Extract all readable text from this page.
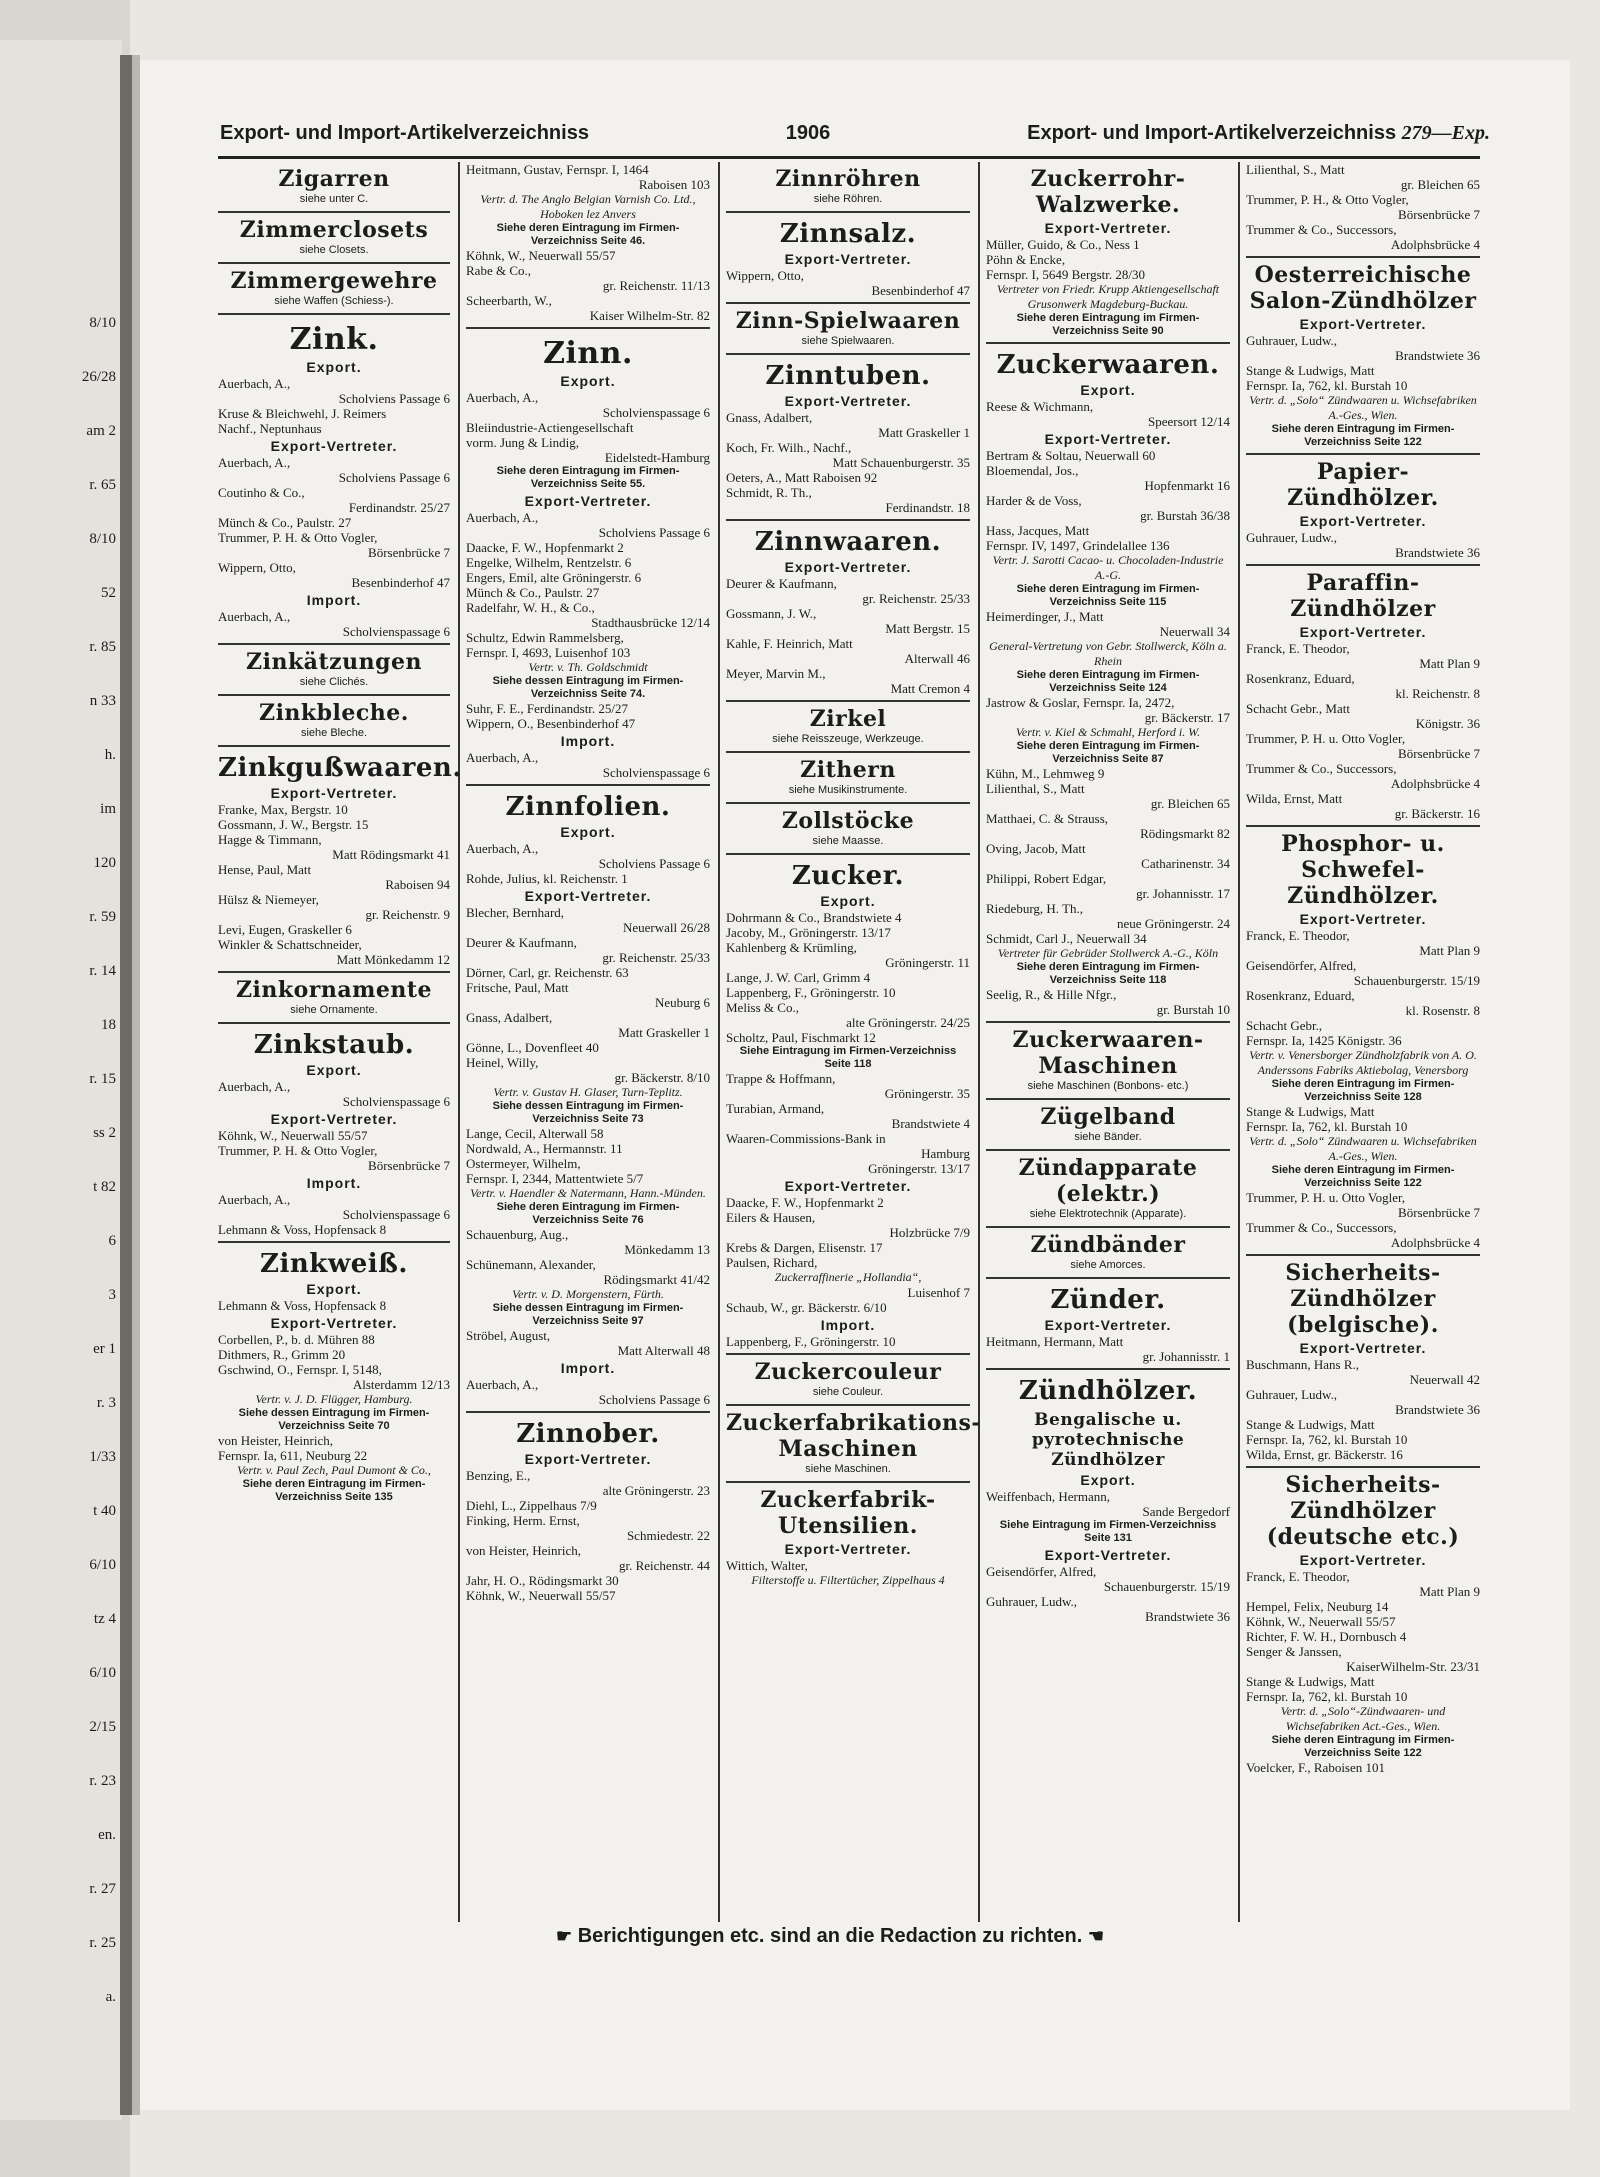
8/10
26/28
am 2
r. 65
8/10
52
r. 85
n 33
h.
im
120
r. 59
r. 14
18
r. 15
ss 2
t 82
6
3
er 1
r. 3
1/33
t 40
6/10
tz 4
6/10
2/15
r. 23
en.
r. 27
r. 25
a.
Export- und Import-Artikelverzeichniss	1906	Export- und Import-Artikelverzeichniss 279—Exp.
Zigarren
siehe unter C.
Zimmerclosets
siehe Closets.
Zimmergewehre
siehe Waffen (Schiess-).
Zink.
Export.
Auerbach, A.,
Scholviens Passage 6
Kruse & Bleichwehl, J. Reimers
Nachf., Neptunhaus
Export-Vertreter.
Auerbach, A.,
Scholviens Passage 6
Coutinho & Co.,
Ferdinandstr. 25/27
Münch & Co., Paulstr. 27
Trummer, P. H. & Otto Vogler,
Börsenbrücke 7
Wippern, Otto,
Besenbinderhof 47
Import.
Auerbach, A.,
Scholvienspassage 6
Zinkätzungen
siehe Clichés.
Zinkbleche.
siehe Bleche.
Zinkgußwaaren.
Export-Vertreter.
Franke, Max, Bergstr. 10
Gossmann, J. W., Bergstr. 15
Hagge & Timmann,
Matt Rödingsmarkt 41
Hense, Paul, Matt
Raboisen 94
Hülsz & Niemeyer,
gr. Reichenstr. 9
Levi, Eugen, Graskeller 6
Winkler & Schattschneider,
Matt Mönkedamm 12
Zinkornamente
siehe Ornamente.
Zinkstaub.
Export.
Auerbach, A.,
Scholvienspassage 6
Export-Vertreter.
Köhnk, W., Neuerwall 55/57
Trummer, P. H. & Otto Vogler,
Börsenbrücke 7
Import.
Auerbach, A.,
Scholvienspassage 6
Lehmann & Voss, Hopfensack 8
Zinkweiß.
Export.
Lehmann & Voss, Hopfensack 8
Export-Vertreter.
Corbellen, P., b. d. Mühren 88
Dithmers, R., Grimm 20
Gschwind, O., Fernspr. I, 5148,
Alsterdamm 12/13
Vertr. v. J. D. Flügger, Hamburg.
Siehe dessen Eintragung im Firmen-Verzeichniss Seite 70
von Heister, Heinrich,
Fernspr. Ia, 611, Neuburg 22
Vertr. v. Paul Zech, Paul Dumont & Co.,
Siehe deren Eintragung im Firmen-Verzeichniss Seite 135
Heitmann, Gustav, Fernspr. I, 1464
Raboisen 103
Vertr. d. The Anglo Belgian Varnish Co. Ltd., Hoboken lez Anvers
Siehe deren Eintragung im Firmen-Verzeichniss Seite 46.
Köhnk, W., Neuerwall 55/57
Rabe & Co.,
gr. Reichenstr. 11/13
Scheerbarth, W.,
Kaiser Wilhelm-Str. 82
Zinn.
Export.
Auerbach, A.,
Scholvienspassage 6
Bleiindustrie-Actiengesellschaft
vorm. Jung & Lindig,
Eidelstedt-Hamburg
Siehe deren Eintragung im Firmen-Verzeichniss Seite 55.
Export-Vertreter.
Auerbach, A.,
Scholviens Passage 6
Daacke, F. W., Hopfenmarkt 2
Engelke, Wilhelm, Rentzelstr. 6
Engers, Emil, alte Gröningerstr. 6
Münch & Co., Paulstr. 27
Radelfahr, W. H., & Co.,
Stadthausbrücke 12/14
Schultz, Edwin Rammelsberg,
Fernspr. I, 4693, Luisenhof 103
Vertr. v. Th. Goldschmidt
Siehe dessen Eintragung im Firmen-Verzeichniss Seite 74.
Suhr, F. E., Ferdinandstr. 25/27
Wippern, O., Besenbinderhof 47
Import.
Auerbach, A.,
Scholvienspassage 6
Zinnfolien.
Export.
Auerbach, A.,
Scholviens Passage 6
Rohde, Julius, kl. Reichenstr. 1
Export-Vertreter.
Blecher, Bernhard,
Neuerwall 26/28
Deurer & Kaufmann,
gr. Reichenstr. 25/33
Dörner, Carl, gr. Reichenstr. 63
Fritsche, Paul, Matt
Neuburg 6
Gnass, Adalbert,
Matt Graskeller 1
Gönne, L., Dovenfleet 40
Heinel, Willy,
gr. Bäckerstr. 8/10
Vertr. v. Gustav H. Glaser, Turn-Teplitz.
Siehe dessen Eintragung im Firmen-Verzeichniss Seite 73
Lange, Cecil, Alterwall 58
Nordwald, A., Hermannstr. 11
Ostermeyer, Wilhelm,
Fernspr. I, 2344, Mattentwiete 5/7
Vertr. v. Haendler & Natermann, Hann.-Münden.
Siehe deren Eintragung im Firmen-Verzeichniss Seite 76
Schauenburg, Aug.,
Mönkedamm 13
Schünemann, Alexander,
Rödingsmarkt 41/42
Vertr. v. D. Morgenstern, Fürth.
Siehe dessen Eintragung im Firmen-Verzeichniss Seite 97
Ströbel, August,
Matt Alterwall 48
Import.
Auerbach, A.,
Scholviens Passage 6
Zinnober.
Export-Vertreter.
Benzing, E.,
alte Gröningerstr. 23
Diehl, L., Zippelhaus 7/9
Finking, Herm. Ernst,
Schmiedestr. 22
von Heister, Heinrich,
gr. Reichenstr. 44
Jahr, H. O., Rödingsmarkt 30
Köhnk, W., Neuerwall 55/57
Zinnröhren
siehe Röhren.
Zinnsalz.
Export-Vertreter.
Wippern, Otto,
Besenbinderhof 47
Zinn-Spielwaaren
siehe Spielwaaren.
Zinntuben.
Export-Vertreter.
Gnass, Adalbert,
Matt Graskeller 1
Koch, Fr. Wilh., Nachf.,
Matt Schauenburgerstr. 35
Oeters, A., Matt Raboisen 92
Schmidt, R. Th.,
Ferdinandstr. 18
Zinnwaaren.
Export-Vertreter.
Deurer & Kaufmann,
gr. Reichenstr. 25/33
Gossmann, J. W.,
Matt Bergstr. 15
Kahle, F. Heinrich, Matt
Alterwall 46
Meyer, Marvin M.,
Matt Cremon 4
Zirkel
siehe Reisszeuge, Werkzeuge.
Zithern
siehe Musikinstrumente.
Zollstöcke
siehe Maasse.
Zucker.
Export.
Dohrmann & Co., Brandstwiete 4
Jacoby, M., Gröningerstr. 13/17
Kahlenberg & Krümling,
Gröningerstr. 11
Lange, J. W. Carl, Grimm 4
Lappenberg, F., Gröningerstr. 10
Meliss & Co.,
alte Gröningerstr. 24/25
Scholtz, Paul, Fischmarkt 12
Siehe Eintragung im Firmen-Verzeichniss Seite 118
Trappe & Hoffmann,
Gröningerstr. 35
Turabian, Armand,
Brandstwiete 4
Waaren-Commissions-Bank in
Hamburg
Gröningerstr. 13/17
Export-Vertreter.
Daacke, F. W., Hopfenmarkt 2
Eilers & Hausen,
Holzbrücke 7/9
Krebs & Dargen, Elisenstr. 17
Paulsen, Richard,
Zuckerraffinerie „Hollandia“,
Luisenhof 7
Schaub, W., gr. Bäckerstr. 6/10
Import.
Lappenberg, F., Gröningerstr. 10
Zuckercouleur
siehe Couleur.
Zuckerfabrikations-Maschinen
siehe Maschinen.
Zuckerfabrik-Utensilien.
Export-Vertreter.
Wittich, Walter,
Filterstoffe u. Filtertücher, Zippelhaus 4
Zuckerrohr-Walzwerke.
Export-Vertreter.
Müller, Guido, & Co., Ness 1
Pöhn & Encke,
Fernspr. I, 5649 Bergstr. 28/30
Vertreter von Friedr. Krupp Aktiengesellschaft Grusonwerk Magdeburg-Buckau.
Siehe deren Eintragung im Firmen-Verzeichniss Seite 90
Zuckerwaaren.
Export.
Reese & Wichmann,
Speersort 12/14
Export-Vertreter.
Bertram & Soltau, Neuerwall 60
Bloemendal, Jos.,
Hopfenmarkt 16
Harder & de Voss,
gr. Burstah 36/38
Hass, Jacques, Matt
Fernspr. IV, 1497, Grindelallee 136
Vertr. J. Sarotti Cacao- u. Chocoladen-Industrie A.-G.
Siehe deren Eintragung im Firmen-Verzeichniss Seite 115
Heimerdinger, J., Matt
Neuerwall 34
General-Vertretung von Gebr. Stollwerck, Köln a. Rhein
Siehe deren Eintragung im Firmen-Verzeichniss Seite 124
Jastrow & Goslar, Fernspr. Ia, 2472,
gr. Bäckerstr. 17
Vertr. v. Kiel & Schmahl, Herford i. W.
Siehe deren Eintragung im Firmen-Verzeichniss Seite 87
Kühn, M., Lehmweg 9
Lilienthal, S., Matt
gr. Bleichen 65
Matthaei, C. & Strauss,
Rödingsmarkt 82
Oving, Jacob, Matt
Catharinenstr. 34
Philippi, Robert Edgar,
gr. Johannisstr. 17
Riedeburg, H. Th.,
neue Gröningerstr. 24
Schmidt, Carl J., Neuerwall 34
Vertreter für Gebrüder Stollwerck A.-G., Köln
Siehe deren Eintragung im Firmen-Verzeichniss Seite 118
Seelig, R., & Hille Nfgr.,
gr. Burstah 10
Zuckerwaaren-Maschinen
siehe Maschinen (Bonbons- etc.)
Zügelband
siehe Bänder.
Zündapparate (elektr.)
siehe Elektrotechnik (Apparate).
Zündbänder
siehe Amorces.
Zünder.
Export-Vertreter.
Heitmann, Hermann, Matt
gr. Johannisstr. 1
Zündhölzer.
Bengalische u. pyrotechnische Zündhölzer
Export.
Weiffenbach, Hermann,
Sande Bergedorf
Siehe Eintragung im Firmen-Verzeichniss Seite 131
Export-Vertreter.
Geisendörfer, Alfred,
Schauenburgerstr. 15/19
Guhrauer, Ludw.,
Brandstwiete 36
Lilienthal, S., Matt
gr. Bleichen 65
Trummer, P. H., & Otto Vogler,
Börsenbrücke 7
Trummer & Co., Successors,
Adolphsbrücke 4
Oesterreichische Salon-Zündhölzer
Export-Vertreter.
Guhrauer, Ludw.,
Brandstwiete 36
Stange & Ludwigs, Matt
Fernspr. Ia, 762, kl. Burstah 10
Vertr. d. „Solo“ Zündwaaren u. Wichsefabriken A.-Ges., Wien.
Siehe deren Eintragung im Firmen-Verzeichniss Seite 122
Papier-Zündhölzer.
Export-Vertreter.
Guhrauer, Ludw.,
Brandstwiete 36
Paraffin-Zündhölzer
Export-Vertreter.
Franck, E. Theodor,
Matt Plan 9
Rosenkranz, Eduard,
kl. Reichenstr. 8
Schacht Gebr., Matt
Königstr. 36
Trummer, P. H. u. Otto Vogler,
Börsenbrücke 7
Trummer & Co., Successors,
Adolphsbrücke 4
Wilda, Ernst, Matt
gr. Bäckerstr. 16
Phosphor- u. Schwefel-Zündhölzer.
Export-Vertreter.
Franck, E. Theodor,
Matt Plan 9
Geisendörfer, Alfred,
Schauenburgerstr. 15/19
Rosenkranz, Eduard,
kl. Rosenstr. 8
Schacht Gebr.,
Fernspr. Ia, 1425 Königstr. 36
Vertr. v. Venersborger Zündholzfabrik von A. O. Anderssons Fabriks Aktiebolag, Venersborg
Siehe deren Eintragung im Firmen-Verzeichniss Seite 128
Stange & Ludwigs, Matt
Fernspr. Ia, 762, kl. Burstah 10
Vertr. d. „Solo“ Zündwaaren u. Wichsefabriken A.-Ges., Wien.
Siehe deren Eintragung im Firmen-Verzeichniss Seite 122
Trummer, P. H. u. Otto Vogler,
Börsenbrücke 7
Trummer & Co., Successors,
Adolphsbrücke 4
Sicherheits-Zündhölzer (belgische).
Export-Vertreter.
Buschmann, Hans R.,
Neuerwall 42
Guhrauer, Ludw.,
Brandstwiete 36
Stange & Ludwigs, Matt
Fernspr. Ia, 762, kl. Burstah 10
Wilda, Ernst, gr. Bäckerstr. 16
Sicherheits-Zündhölzer (deutsche etc.)
Export-Vertreter.
Franck, E. Theodor,
Matt Plan 9
Hempel, Felix, Neuburg 14
Köhnk, W., Neuerwall 55/57
Richter, F. W. H., Dornbusch 4
Senger & Janssen,
KaiserWilhelm-Str. 23/31
Stange & Ludwigs, Matt
Fernspr. Ia, 762, kl. Burstah 10
Vertr. d. „Solo“-Zündwaaren- und Wichsefabriken Act.-Ges., Wien.
Siehe deren Eintragung im Firmen-Verzeichniss Seite 122
Voelcker, F., Raboisen 101
☛ Berichtigungen etc. sind an die Redaction zu richten. ☚
